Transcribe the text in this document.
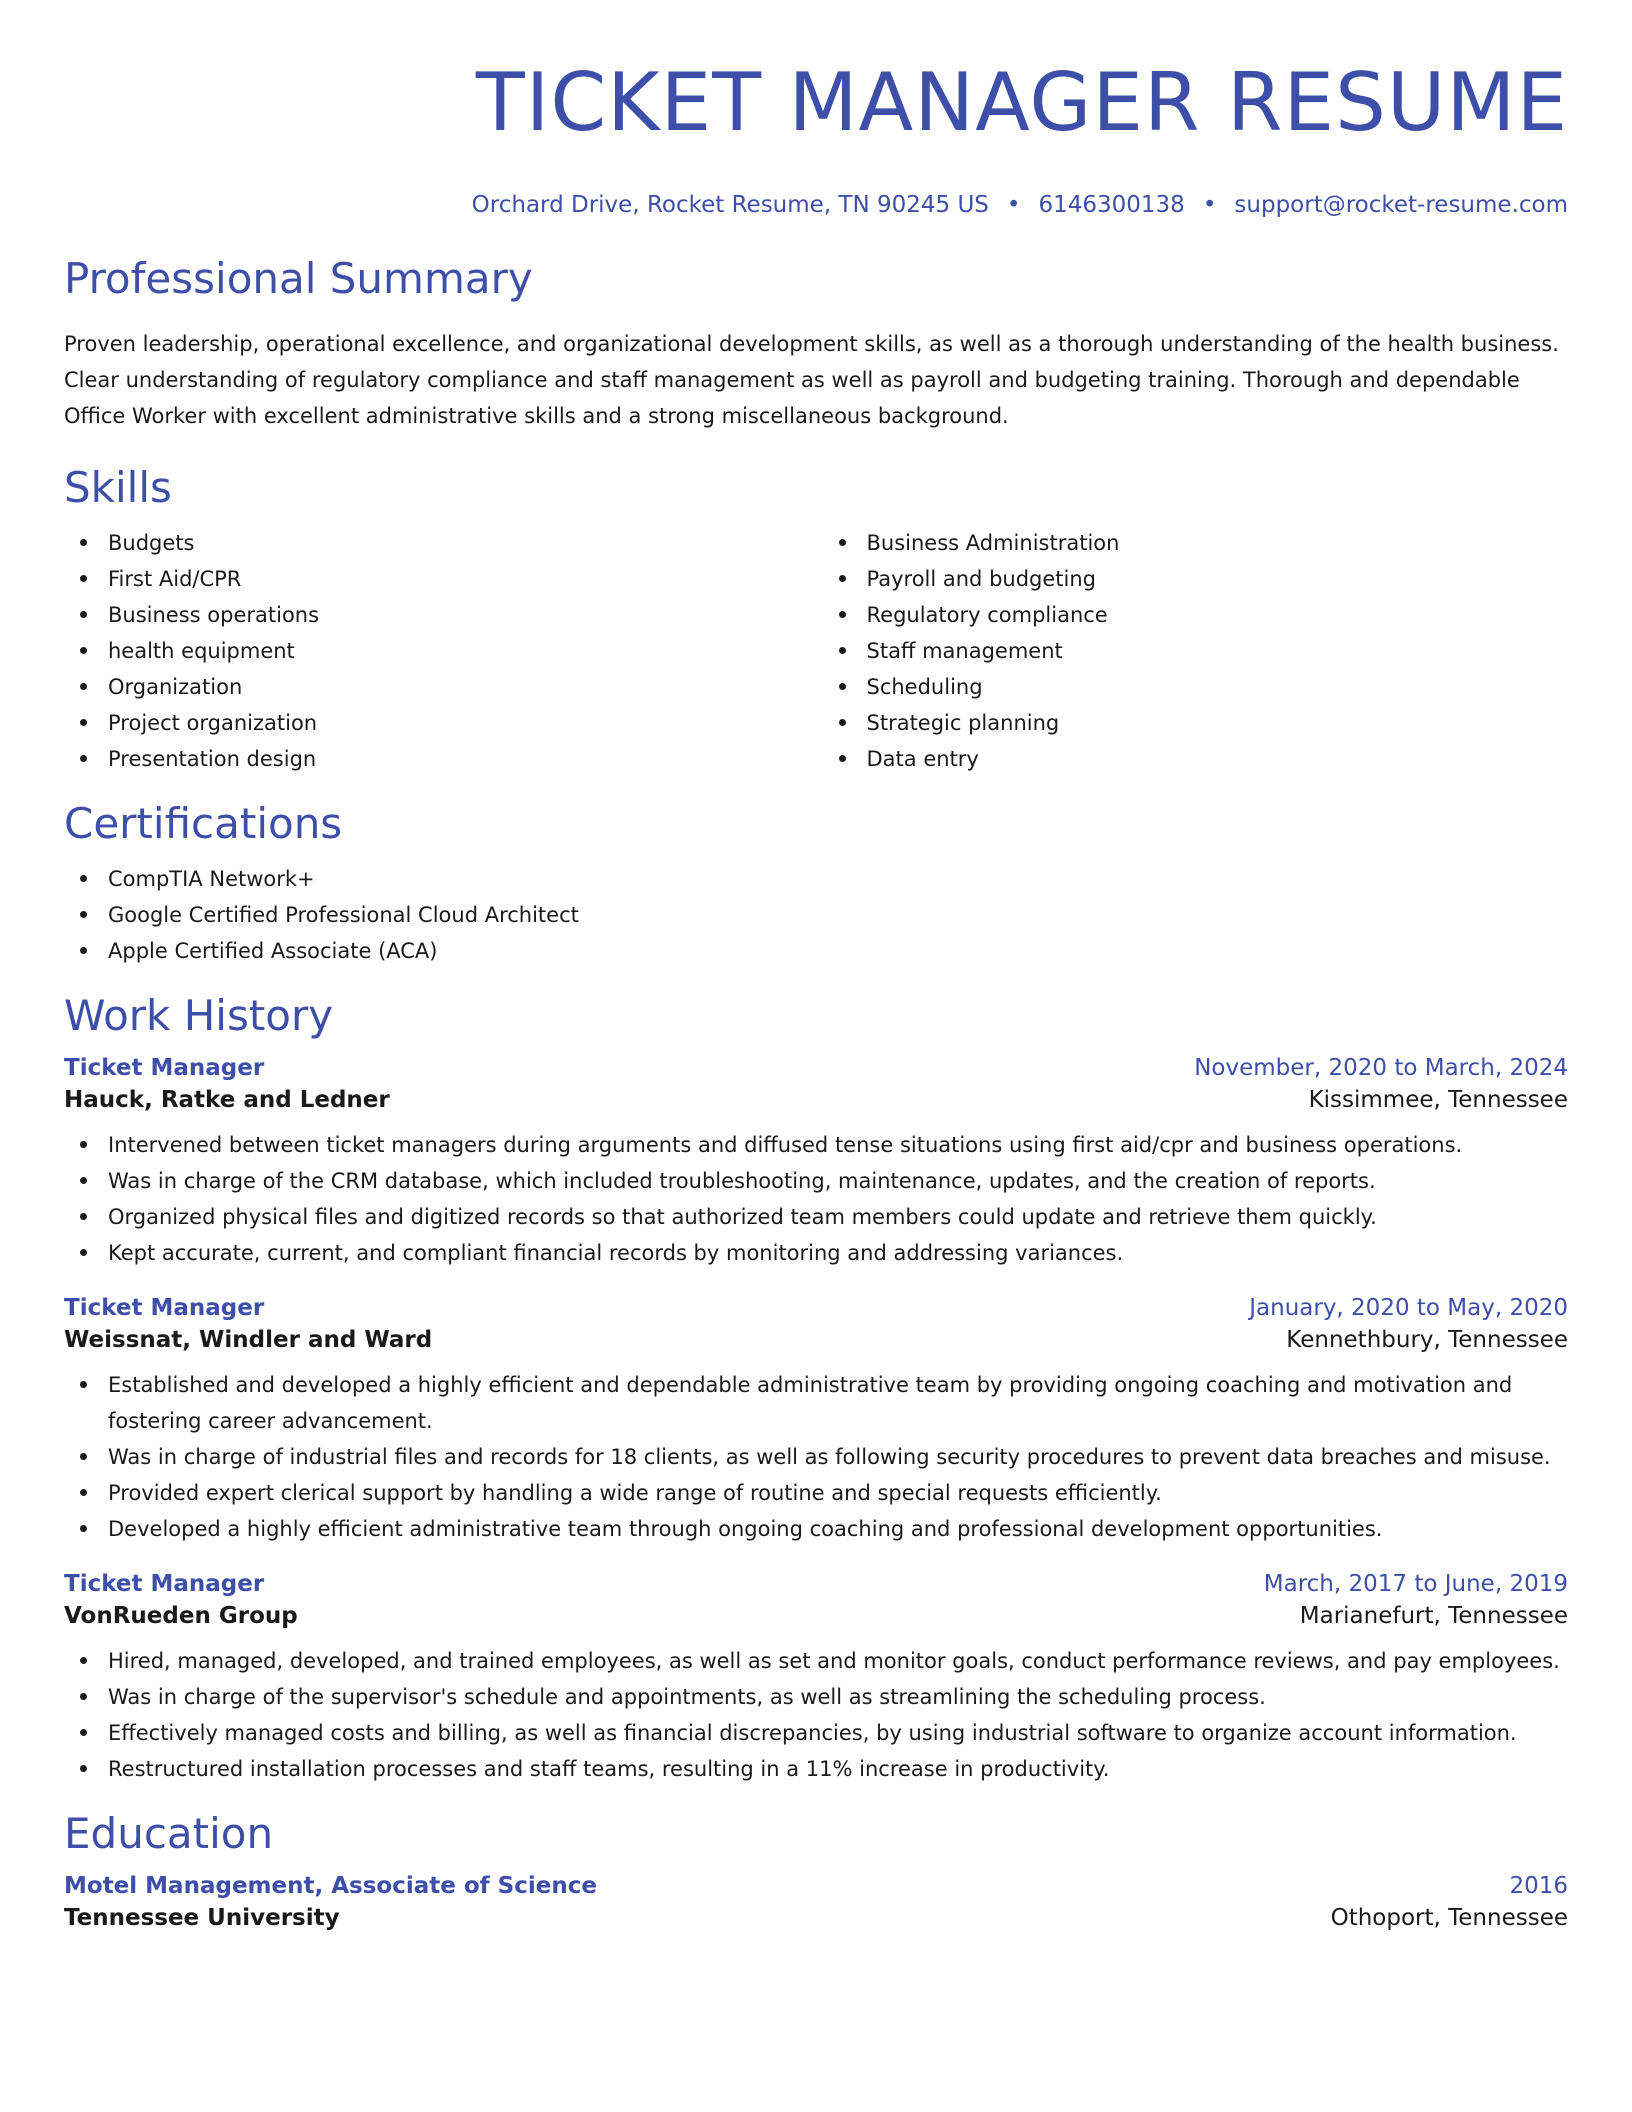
TICKET MANAGER RESUME
Orchard Drive, Rocket Resume, TN 90245 US • 6146300138 • support@rocket-resume.com
Professional Summary

Proven leadership, operational excellence, and organizational development skills, as well as a thorough understanding of the health business. Clear understanding of regulatory compliance and staff management as well as payroll and budgeting training. Thorough and dependable Office Worker with excellent administrative skills and a strong miscellaneous background.

Skills
Budgets
First Aid/CPR
Business operations
health equipment
Organization
Project organization
Presentation design
Business Administration
Payroll and budgeting
Regulatory compliance
Staff management
Scheduling
Strategic planning
Data entry
Certifications
CompTIA Network+
Google Certified Professional Cloud Architect
Apple Certified Associate (ACA)
Work History
Ticket Manager	November, 2020 to March, 2024
Hauck, Ratke and Ledner	Kissimmee, Tennessee
Intervened between ticket managers during arguments and diffused tense situations using first aid/cpr and business operations.
Was in charge of the CRM database, which included troubleshooting, maintenance, updates, and the creation of reports.
Organized physical files and digitized records so that authorized team members could update and retrieve them quickly.
Kept accurate, current, and compliant financial records by monitoring and addressing variances.
Ticket Manager	January, 2020 to May, 2020
Weissnat, Windler and Ward	Kennethbury, Tennessee
Established and developed a highly efficient and dependable administrative team by providing ongoing coaching and motivation and fostering career advancement.
Was in charge of industrial files and records for 18 clients, as well as following security procedures to prevent data breaches and misuse.
Provided expert clerical support by handling a wide range of routine and special requests efficiently.
Developed a highly efficient administrative team through ongoing coaching and professional development opportunities.
Ticket Manager	March, 2017 to June, 2019
VonRueden Group	Marianefurt, Tennessee
Hired, managed, developed, and trained employees, as well as set and monitor goals, conduct performance reviews, and pay employees.
Was in charge of the supervisor's schedule and appointments, as well as streamlining the scheduling process.
Effectively managed costs and billing, as well as financial discrepancies, by using industrial software to organize account information.
Restructured installation processes and staff teams, resulting in a 11% increase in productivity.
Education
Motel Management, Associate of Science	2016
Tennessee University	Othoport, Tennessee
